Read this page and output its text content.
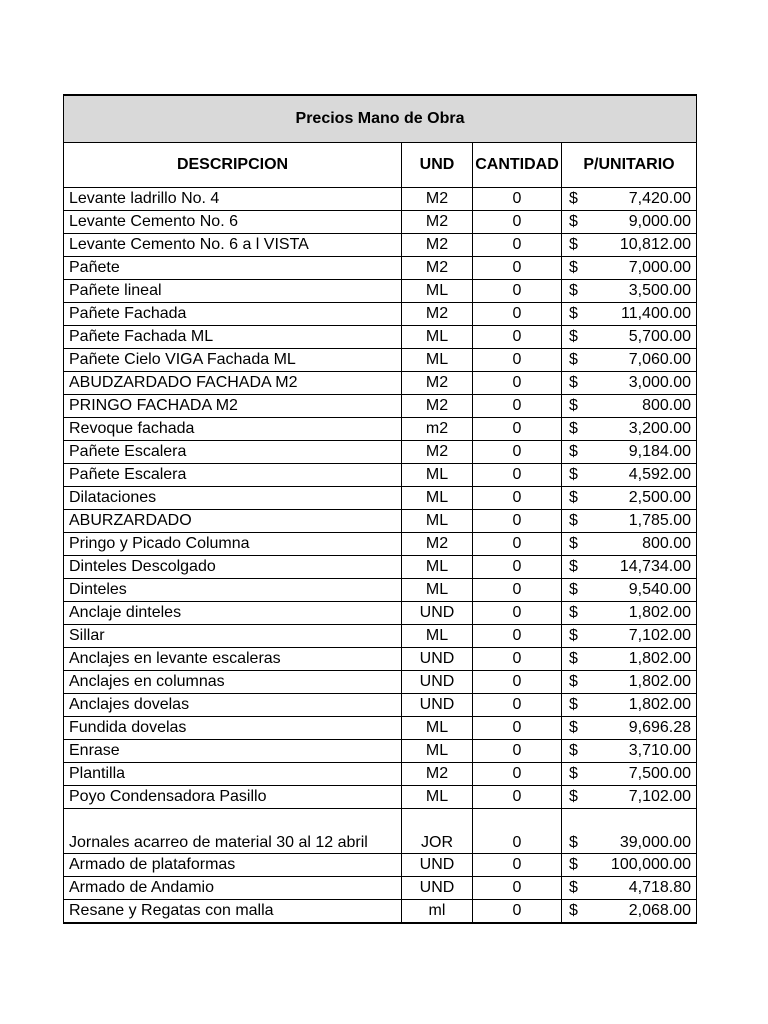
Precios Mano de Obra			
DESCRIPCION	UND	CANTIDAD	P/UNITARIO
Levante ladrillo No. 4	M2	0	$ 7,420.00

Levante Cemento No. 6	M2	0	$ 9,000.00

Levante Cemento No. 6 a l VISTA	M2	0	$ 10,812.00

Pañete	M2	0	$ 7,000.00

Pañete lineal	ML	0	$ 3,500.00

Pañete Fachada	M2	0	$ 11,400.00

Pañete Fachada ML	ML	0	$ 5,700.00

Pañete Cielo VIGA Fachada ML	ML	0	$ 7,060.00

ABUDZARDADO FACHADA M2	M2	0	$ 3,000.00

PRINGO FACHADA M2	M2	0	$ 800.00

Revoque fachada	m2	0	$ 3,200.00

Pañete Escalera	M2	0	$ 9,184.00

Pañete Escalera	ML	0	$ 4,592.00

Dilataciones	ML	0	$ 2,500.00

ABURZARDADO	ML	0	$ 1,785.00

Pringo y Picado Columna	M2	0	$ 800.00

Dinteles Descolgado	ML	0	$ 14,734.00

Dinteles	ML	0	$ 9,540.00

Anclaje dinteles	UND	0	$ 1,802.00

Sillar	ML	0	$ 7,102.00

Anclajes en levante escaleras	UND	0	$ 1,802.00

Anclajes en columnas	UND	0	$ 1,802.00

Anclajes dovelas	UND	0	$ 1,802.00

Fundida dovelas	ML	0	$ 9,696.28

Enrase	ML	0	$ 3,710.00

Plantilla	M2	0	$ 7,500.00

Poyo Condensadora Pasillo	ML	0	$ 7,102.00

Jornales acarreo de material 30 al 12 abril	JOR	0	$ 39,000.00

Armado de plataformas	UND	0	$ 100,000.00

Armado de Andamio	UND	0	$ 4,718.80

Resane y Regatas con malla	ml	0	$ 2,068.00
